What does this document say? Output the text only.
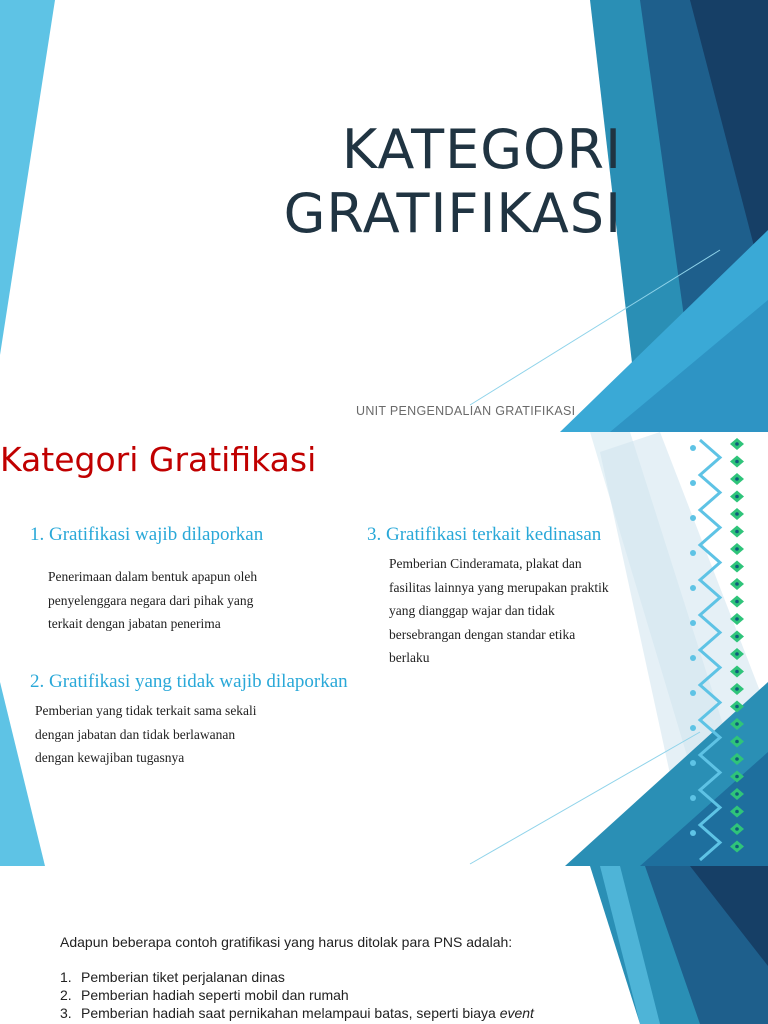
KATEGORI
GRATIFIKASI
UNIT PENGENDALIAN GRATIFIKASI
Kategori Gratifikasi
1. Gratifikasi wajib dilaporkan
Penerimaan dalam bentuk apapun oleh
penyelenggara negara dari pihak yang
terkait dengan jabatan penerima
2. Gratifikasi yang tidak wajib dilaporkan
Pemberian yang tidak terkait sama sekali
dengan jabatan dan tidak berlawanan
dengan kewajiban tugasnya
3. Gratifikasi terkait kedinasan
Pemberian Cinderamata, plakat dan
fasilitas lainnya yang merupakan praktik
yang dianggap wajar dan tidak
bersebrangan dengan standar etika
berlaku
Adapun beberapa contoh gratifikasi yang harus ditolak para PNS adalah:
1. Pemberian tiket perjalanan dinas
2. Pemberian hadiah seperti mobil dan rumah
3. Pemberian hadiah saat pernikahan melampaui batas, seperti biaya event
